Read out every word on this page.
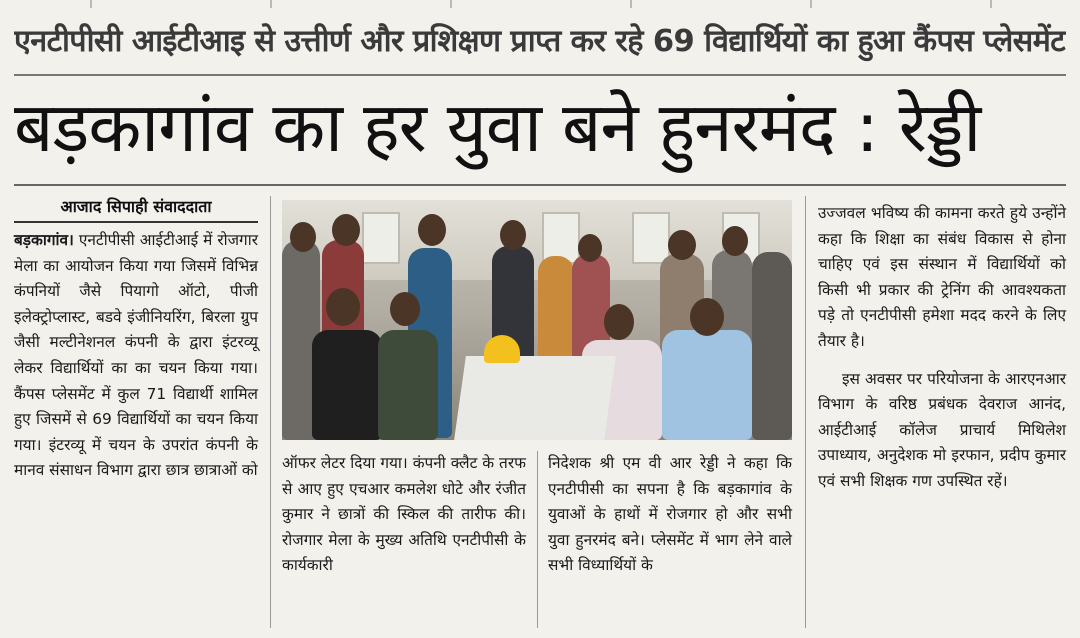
एनटीपीसी आईटीआइ से उत्तीर्ण और प्रशिक्षण प्राप्त कर रहे 69 विद्यार्थियों का हुआ कैंपस प्लेसमेंट
बड़कागांव का हर युवा बने हुनरमंद : रेड्डी
आजाद सिपाही संवाददाता

बड़कागांव। एनटीपीसी आईटीआई में रोजगार मेला का आयोजन किया गया जिसमें विभिन्न कंपनियों जैसे पियागो ऑटो, पीजी इलेक्ट्रोप्लास्ट, बडवे इंजीनियरिंग, बिरला ग्रुप जैसी मल्टीनेशनल कंपनी के द्वारा इंटरव्यू लेकर विद्यार्थियों का का चयन किया गया। कैंपस प्लेसमेंट में कुल 71 विद्यार्थी शामिल हुए जिसमें से 69 विद्यार्थियों का चयन किया गया। इंटरव्यू में चयन के उपरांत कंपनी के मानव संसाधन विभाग द्वारा छात्र छात्राओं को ऑफर लेटर दिया गया। कंपनी क्लैट के तरफ से आए हुए एचआर कमलेश धोटे और रंजीत कुमार ने छात्रों की स्किल की तारीफ की। रोजगार मेला के मुख्य अतिथि एनटीपीसी के कार्यकारी

निदेशक श्री एम वी आर रेड्डी ने कहा कि एनटीपीसी का सपना है कि बड़कागांव के युवाओं के हाथों में रोजगार हो और सभी युवा हुनरमंद बने। प्लेसमेंट में भाग लेने वाले सभी विध्यार्थियों के

उज्जवल भविष्य की कामना करते हुये उन्होंने कहा कि शिक्षा का संबंध विकास से होना चाहिए एवं इस संस्थान में विद्यार्थियों को किसी भी प्रकार की ट्रेनिंग की आवश्यकता पड़े तो एनटीपीसी हमेशा मदद करने के लिए तैयार है।

इस अवसर पर परियोजना के आरएनआर विभाग के वरिष्ठ प्रबंधक देवराज आनंद, आईटीआई कॉलेज प्राचार्य मिथिलेश उपाध्याय, अनुदेशक मो इरफान, प्रदीप कुमार एवं सभी शिक्षक गण उपस्थित रहें।
